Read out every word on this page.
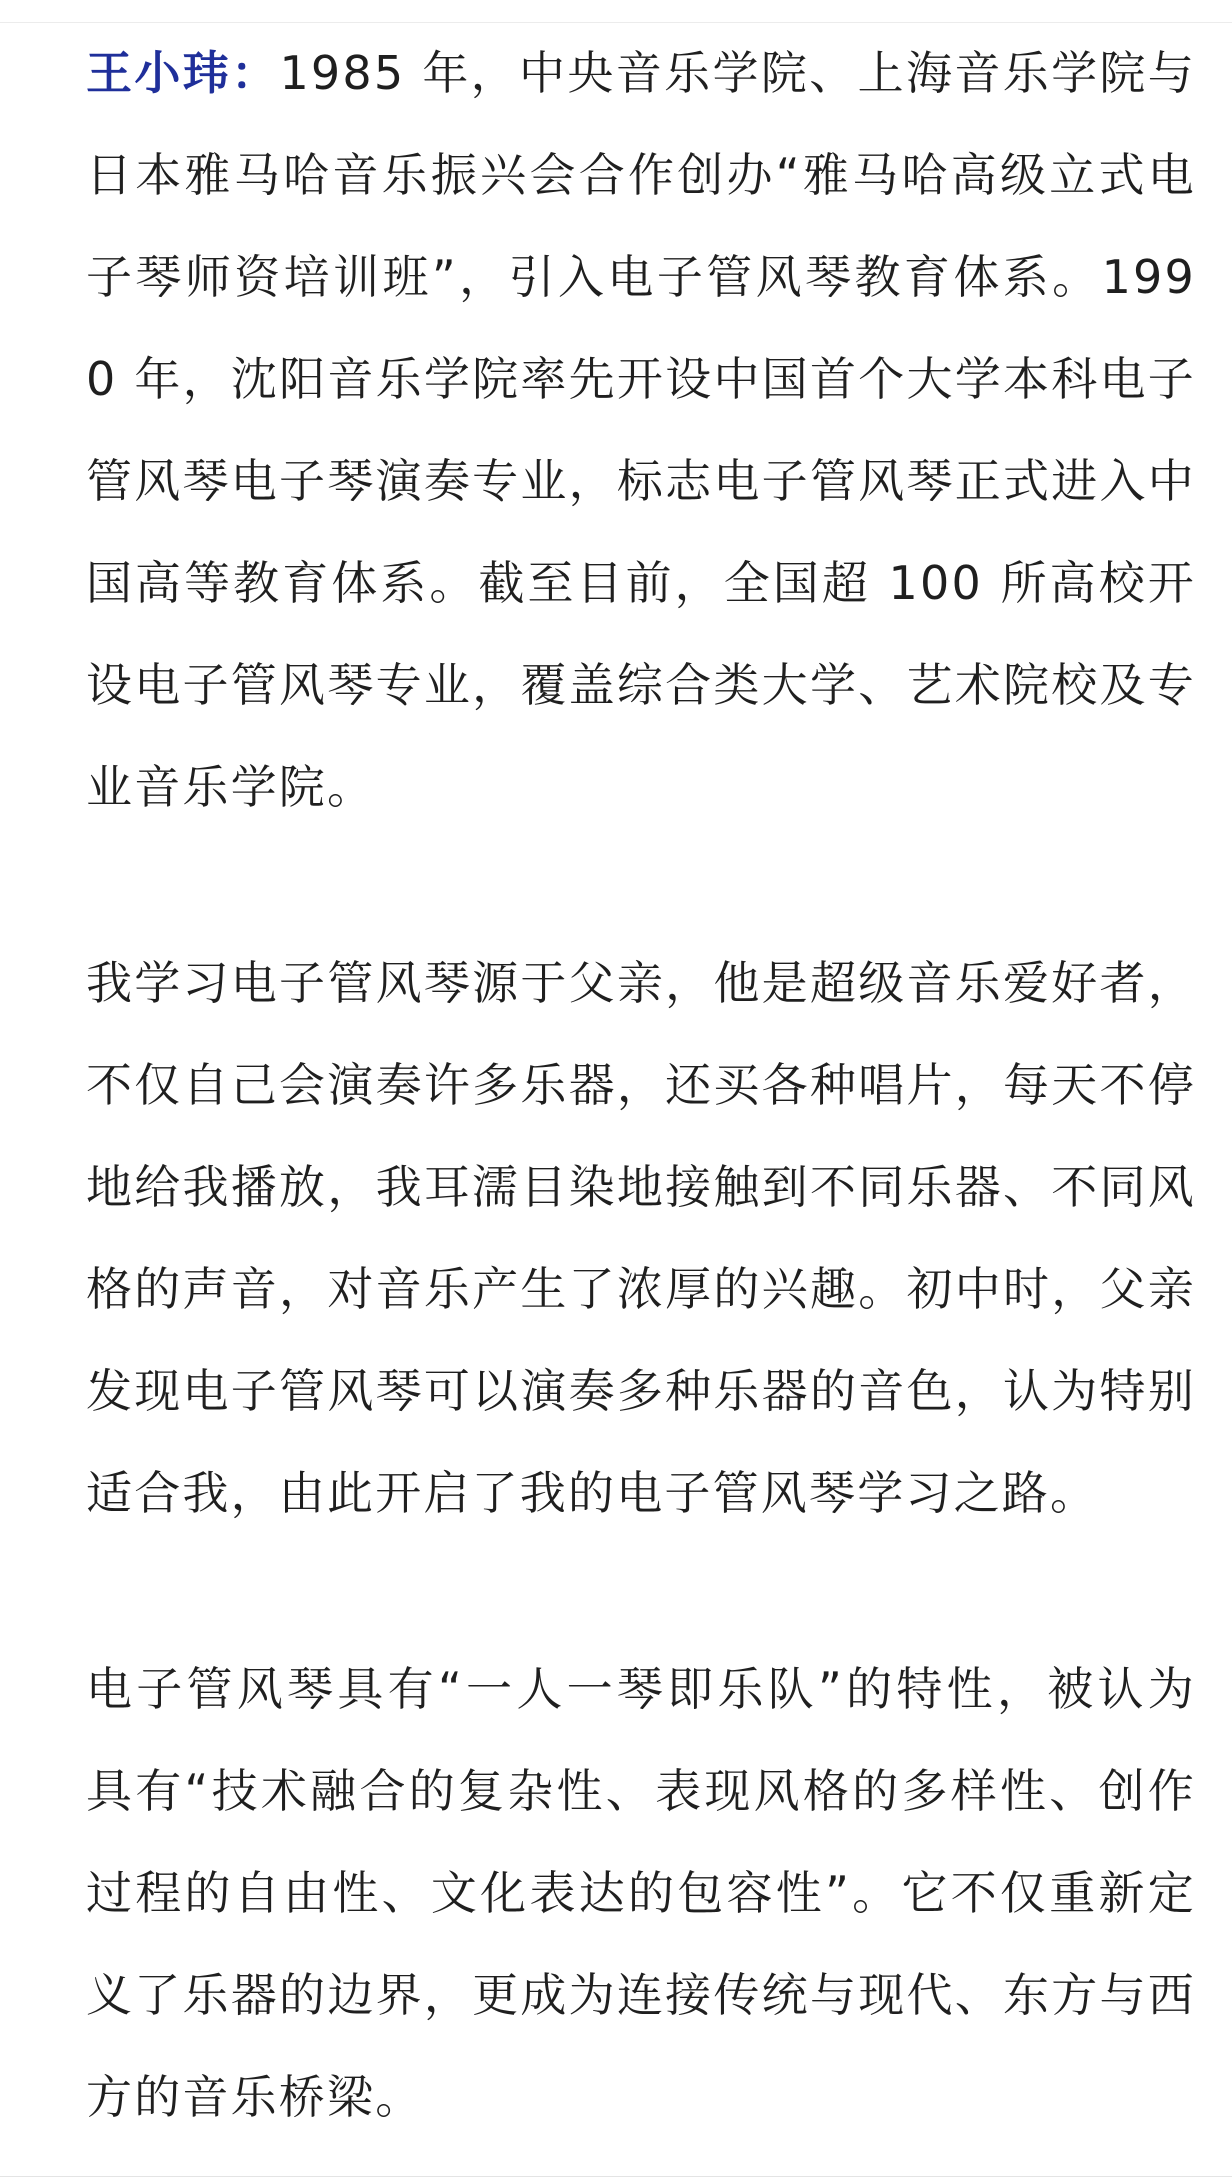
王小玮：1985 年，中央音乐学院、上海音乐学院与日本雅马哈音乐振兴会合作创办“雅马哈高级立式电子琴师资培训班”，引入电子管风琴教育体系。1990 年，沈阳音乐学院率先开设中国首个大学本科电子管风琴电子琴演奏专业，标志电子管风琴正式进入中国高等教育体系。截至目前，全国超 100 所高校开设电子管风琴专业，覆盖综合类大学、艺术院校及专业音乐学院。

我学习电子管风琴源于父亲，他是超级音乐爱好者，不仅自己会演奏许多乐器，还买各种唱片，每天不停地给我播放，我耳濡目染地接触到不同乐器、不同风格的声音，对音乐产生了浓厚的兴趣。初中时，父亲发现电子管风琴可以演奏多种乐器的音色，认为特别适合我，由此开启了我的电子管风琴学习之路。

电子管风琴具有“一人一琴即乐队”的特性，被认为具有“技术融合的复杂性、表现风格的多样性、创作过程的自由性、文化表达的包容性”。它不仅重新定义了乐器的边界，更成为连接传统与现代、东方与西方的音乐桥梁。
